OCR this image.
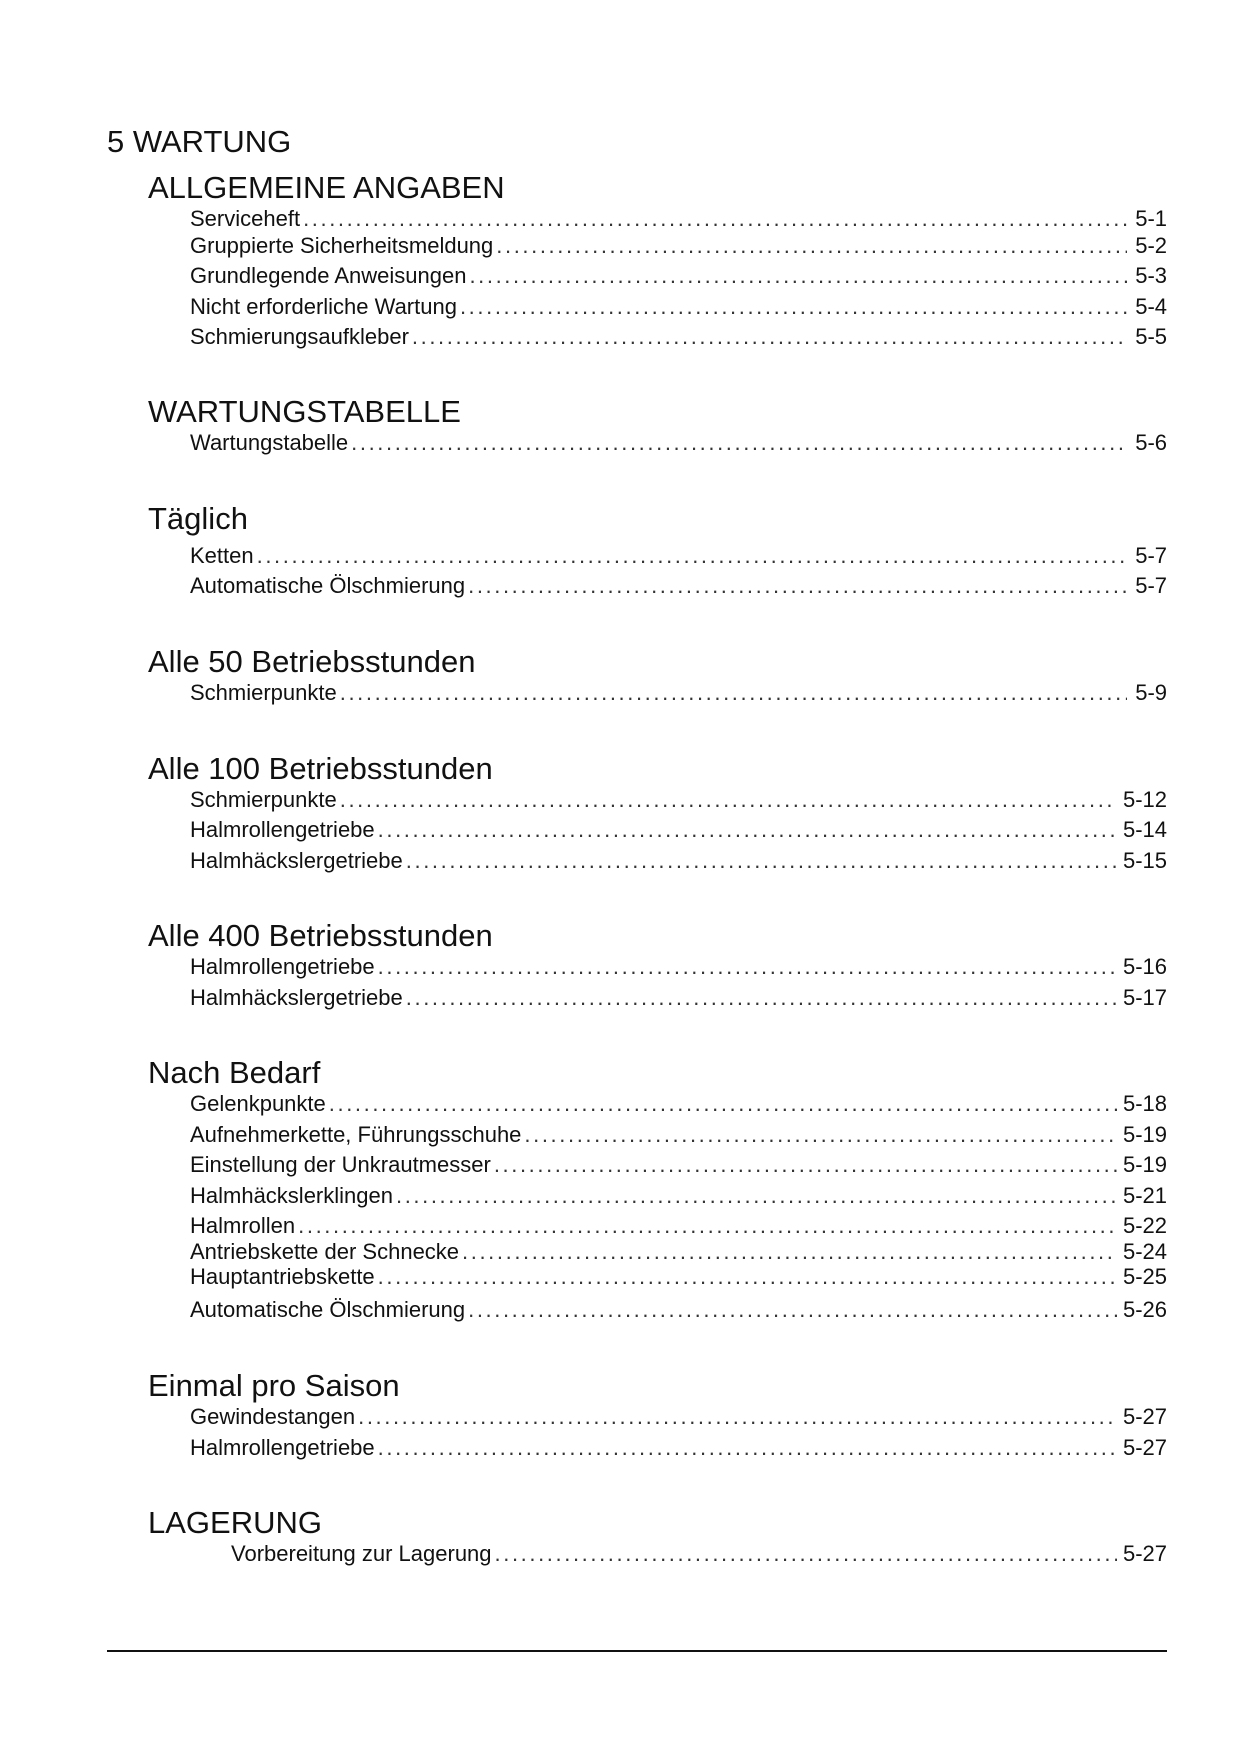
5 WARTUNG
ALLGEMEINE ANGABEN
Serviceheft .....	5-1
Gruppierte Sicherheitsmeldung .....	5-2
Grundlegende Anweisungen .....	5-3
Nicht erforderliche Wartung .....	5-4
Schmierungsaufkleber .....	5-5
WARTUNGSTABELLE
Wartungstabelle .....	5-6
Täglich
Ketten .....	5-7
Automatische Ölschmierung .....	5-7
Alle 50 Betriebsstunden
Schmierpunkte .....	5-9
Alle 100 Betriebsstunden
Schmierpunkte .....	5-12
Halmrollengetriebe .....	5-14
Halmhäckslergetriebe .....	5-15
Alle 400 Betriebsstunden
Halmrollengetriebe .....	5-16
Halmhäckslergetriebe .....	5-17
Nach Bedarf
Gelenkpunkte .....	5-18
Aufnehmerkette, Führungsschuhe .....	5-19
Einstellung der Unkrautmesser .....	5-19
Halmhäckslerklingen .....	5-21
Halmrollen .....	5-22
Antriebskette der Schnecke .....	5-24
Hauptantriebskette .....	5-25
Automatische Ölschmierung .....	5-26
Einmal pro Saison
Gewindestangen .....	5-27
Halmrollengetriebe .....	5-27
LAGERUNG
Vorbereitung zur Lagerung .....	5-27
